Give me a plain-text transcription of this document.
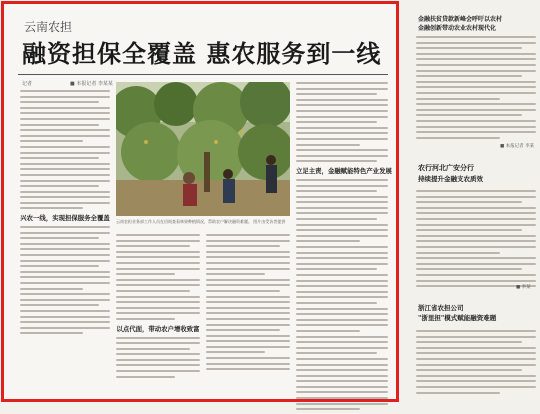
云南农担
融资担保全覆盖 惠农服务到一线
记者	■ 本报记者 李某某
兴农一线，实现担保服务全覆盖 云南农担业务部工作人员在田间查看林果种植情况，帮助农户解决融资难题。 图片由受访者提供
以点代面，带动农户增收致富
立足主责，金融赋能特色产业发展
金融扶贫贷款新峰会呼吁以农村
金融创新带动农业农村现代化
■ 本报记者 李某
农行河北广安分行
持续提升金融支农质效
■ 李某
浙江省农担公司
"浙里担"模式赋能融资难题
